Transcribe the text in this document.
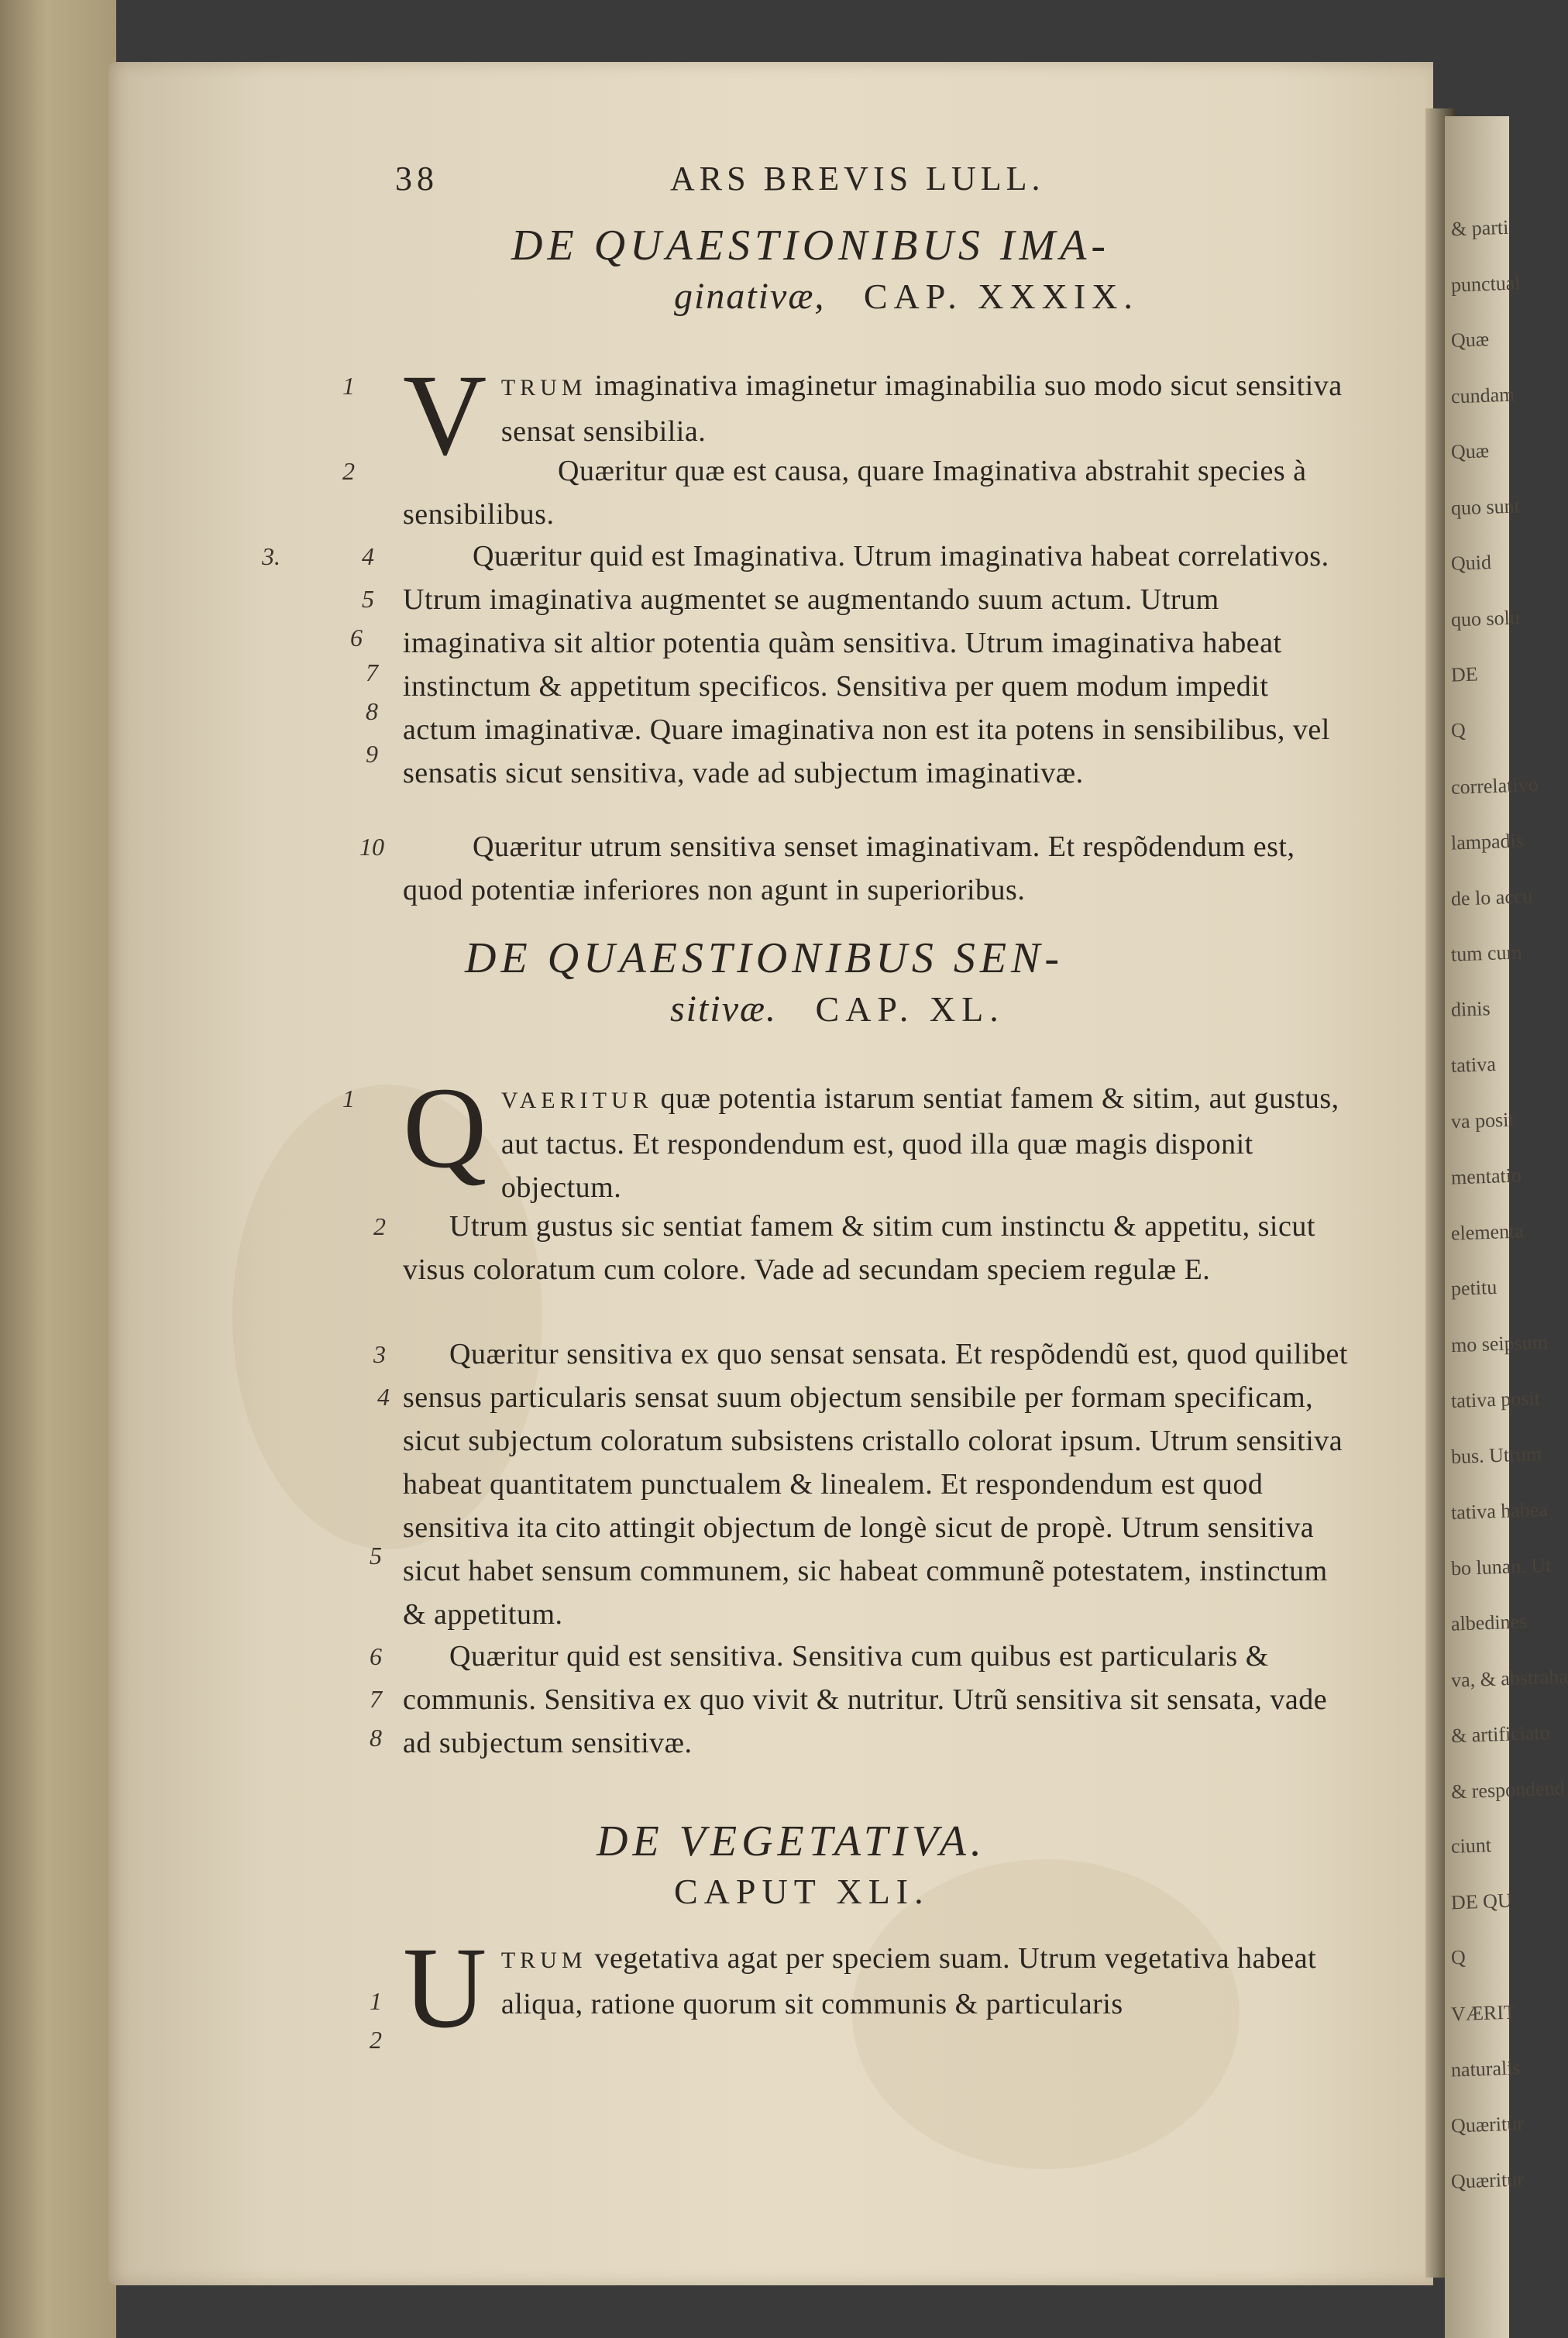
& parti
punctual
Quæ
cundam
Quæ
quo sunt
Quid
quo solu
DE
Q
correlativo
lampadis
de lo accu
tum cum
dinis
tativa
va posit
mentatio
elementa
petitu
mo seipsum
tativa posit
bus. Utrum
tativa habea
bo lunan. Ut
albedines
va, & abstraha
& artificiato
& respondend
ciunt
DE QU
Q
VÆRIT
naturalis
Quæritur
Quæritur
38	ARS BREVIS LULL.
DE QUAESTIONIBUS IMA-
ginativæ, CAP. XXXIX.
V TRUM imaginativa imaginetur imaginabilia suo modo sicut sensitiva sensat sensibilia.
Quæritur quæ est causa, quare Imaginativa abstrahit species à sensibilibus.
Quæritur quid est Imaginativa. Utrum imaginativa habeat correlativos. Utrum imaginativa augmentet se augmentando suum actum. Utrum imaginativa sit altior potentia quàm sensitiva. Utrum imaginativa habeat instinctum & appetitum specificos. Sensitiva per quem modum impedit actum imaginativæ. Quare imaginativa non est ita potens in sensibilibus, vel sensatis sicut sensitiva, vade ad subjectum imaginativæ.
Quæritur utrum sensitiva senset imaginativam. Et respõdendum est, quod potentiæ inferiores non agunt in superioribus.
1
2
3.	4
5
6
7
8
9
10
DE QUAESTIONIBUS SEN-
sitivæ. CAP. XL.
Q VAERITUR quæ potentia istarum sentiat famem & sitim, aut gustus, aut tactus. Et respondendum est, quod illa quæ magis disponit objectum.
Utrum gustus sic sentiat famem & sitim cum instinctu & appetitu, sicut visus coloratum cum colore. Vade ad secundam speciem regulæ E.
Quæritur sensitiva ex quo sensat sensata. Et respõdendũ est, quod quilibet sensus particularis sensat suum objectum sensibile per formam specificam, sicut subjectum coloratum subsistens cristallo colorat ipsum. Utrum sensitiva habeat quantitatem punctualem & linealem. Et respondendum est quod sensitiva ita cito attingit objectum de longè sicut de propè. Utrum sensitiva sicut habet sensum communem, sic habeat communẽ potestatem, instinctum & appetitum.
Quæritur quid est sensitiva. Sensitiva cum quibus est particularis & communis. Sensitiva ex quo vivit & nutritur. Utrũ sensitiva sit sensata, vade ad subjectum sensitivæ.
1
2
3
4
5
6
7
8
DE VEGETATIVA.
CAPUT XLI.
U TRUM vegetativa agat per speciem suam. Utrum vegetativa habeat aliqua, ratione quorum sit communis & particularis
1
2
